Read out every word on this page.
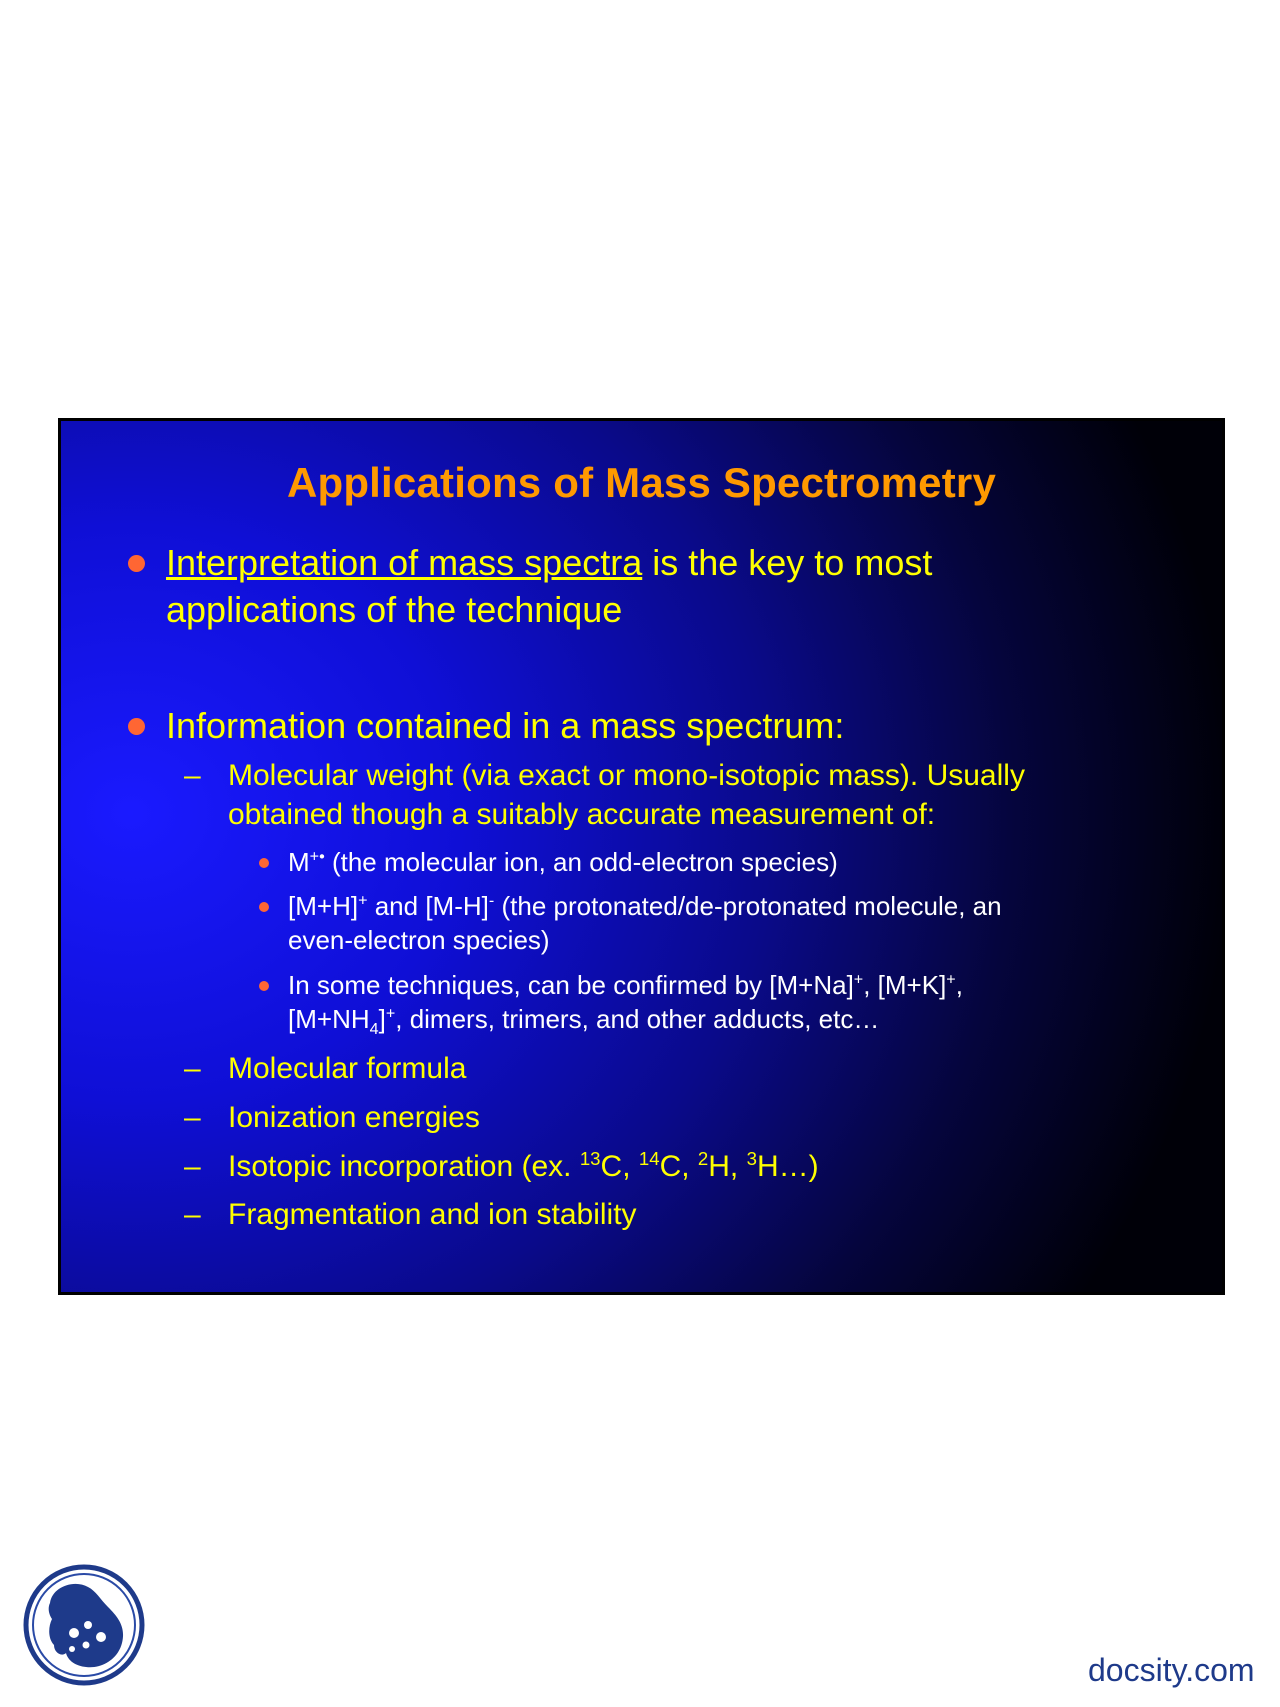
Applications of Mass Spectrometry
Interpretation of mass spectra is the key to most
applications of the technique
Information contained in a mass spectrum:
– Molecular weight (via exact or mono-isotopic mass). Usually
obtained though a suitably accurate measurement of:
M+• (the molecular ion, an odd-electron species)
[M+H]+ and [M-H]- (the protonated/de-protonated molecule, an
even-electron species)
In some techniques, can be confirmed by [M+Na]+, [M+K]+,
$[M+NH_4]^+$, dimers, trimers, and other adducts, etc…
– Molecular formula
– Ionization energies
– Isotopic incorporation (ex. $^{13}$C, $^{14}$C, $^2$H, $^3$H…)
– Fragmentation and ion stability
docsity.com
